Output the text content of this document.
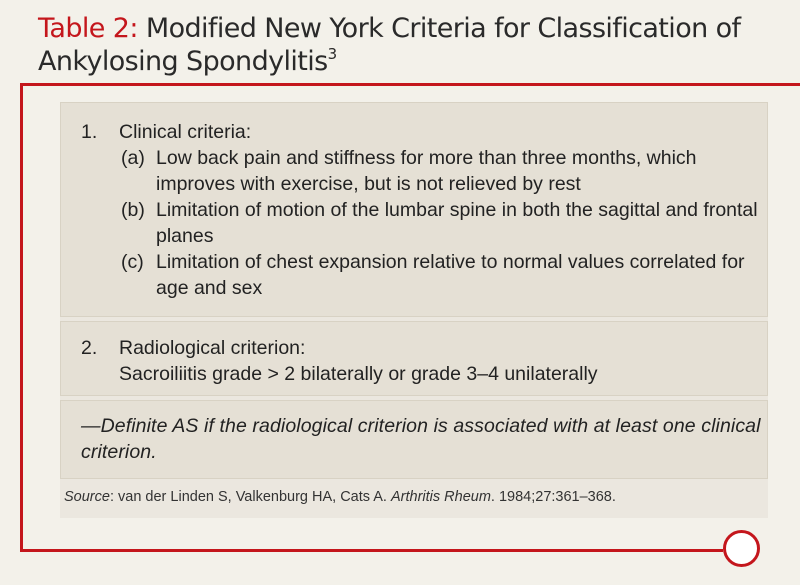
Table 2: Modified New York Criteria for Classification of Ankylosing Spondylitis$^3$
1.	Clinical criteria:
(a) Low back pain and stiffness for more than three months, which improves with exercise, but is not relieved by rest
(b) Limitation of motion of the lumbar spine in both the sagittal and frontal planes
(c) Limitation of chest expansion relative to normal values correlated for age and sex
2.	Radiological criterion:
Sacroiliitis grade > 2 bilaterally or grade 3–4 unilaterally
—Definite AS if the radiological criterion is associated with at least one clinical criterion.
Source: van der Linden S, Valkenburg HA, Cats A. Arthritis Rheum. 1984;27:361–368.
